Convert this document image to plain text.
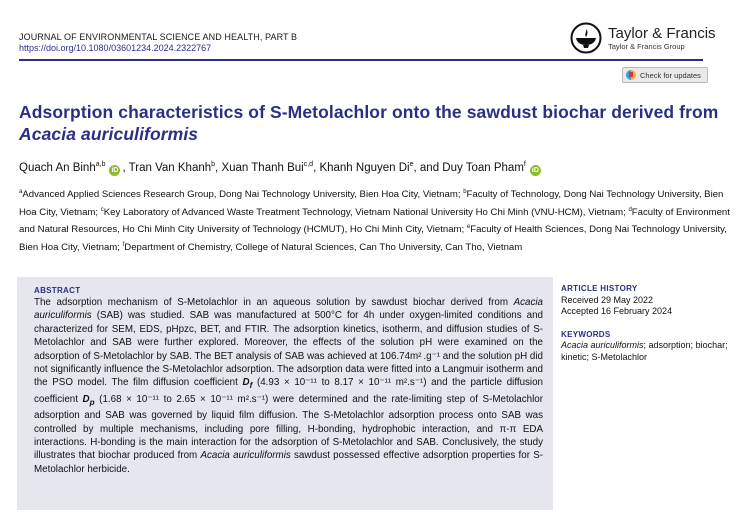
JOURNAL OF ENVIRONMENTAL SCIENCE AND HEALTH, PART B
https://doi.org/10.1080/03601234.2024.2322767
Taylor & Francis
Taylor & Francis Group
Check for updates
Adsorption characteristics of S-Metolachlor onto the sawdust biochar derived from Acacia auriculiformis
Quach An Binh$^{a,b}$iD , Tran Van Khanh$^b$, Xuan Thanh Bui$^{c,d}$, Khanh Nguyen Di$^e$, and Duy Toan Pham$^f$iD
$^a$Advanced Applied Sciences Research Group, Dong Nai Technology University, Bien Hoa City, Vietnam; $^b$Faculty of Technology, Dong Nai Technology University, Bien Hoa City, Vietnam; $^c$Key Laboratory of Advanced Waste Treatment Technology, Vietnam National University Ho Chi Minh (VNU-HCM), Vietnam; $^d$Faculty of Environment and Natural Resources, Ho Chi Minh City University of Technology (HCMUT), Ho Chi Minh City, Vietnam; $^e$Faculty of Health Sciences, Dong Nai Technology University, Bien Hoa City, Vietnam; $^f$Department of Chemistry, College of Natural Sciences, Can Tho University, Can Tho, Vietnam
ABSTRACT
The adsorption mechanism of S-Metolachlor in an aqueous solution by sawdust biochar derived from Acacia auriculiformis (SAB) was studied. SAB was manufactured at 500°C for 4h under oxygen-limited conditions and characterized for SEM, EDS, pHpzc, BET, and FTIR. The adsorption kinetics, isotherm, and diffusion studies of S-Metolachlor and SAB were further explored. Moreover, the effects of the solution pH were examined on the adsorption of S-Metolachlor by SAB. The BET analysis of SAB was achieved at 106.74m² .g⁻¹ and the solution pH did not significantly influence the S-Metolachlor adsorption. The adsorption data were fitted into a Langmuir isotherm and the PSO model. The film diffusion coefficient $D_f$ (4.93 × 10⁻¹¹ to 8.17 × 10⁻¹¹ m².s⁻¹) and the particle diffusion coefficient $D_p$ (1.68 × 10⁻¹¹ to 2.65 × 10⁻¹¹ m².s⁻¹) were determined and the rate-limiting step of S-Metolachlor adsorption and SAB was governed by liquid film diffusion. The S-Metolachlor adsorption process onto SAB was controlled by multiple mechanisms, including pore filling, H-bonding, hydrophobic interaction, and π-π EDA interactions. H-bonding is the main interaction for the adsorption of S-Metolachlor and SAB. Conclusively, the study illustrates that biochar produced from Acacia auriculiformis sawdust possessed effective adsorption properties for S-Metolachlor herbicide.
ARTICLE HISTORY
Received 29 May 2022
Accepted 16 February 2024
KEYWORDS
Acacia auriculiformis; adsorption; biochar; kinetic; S-Metolachlor
